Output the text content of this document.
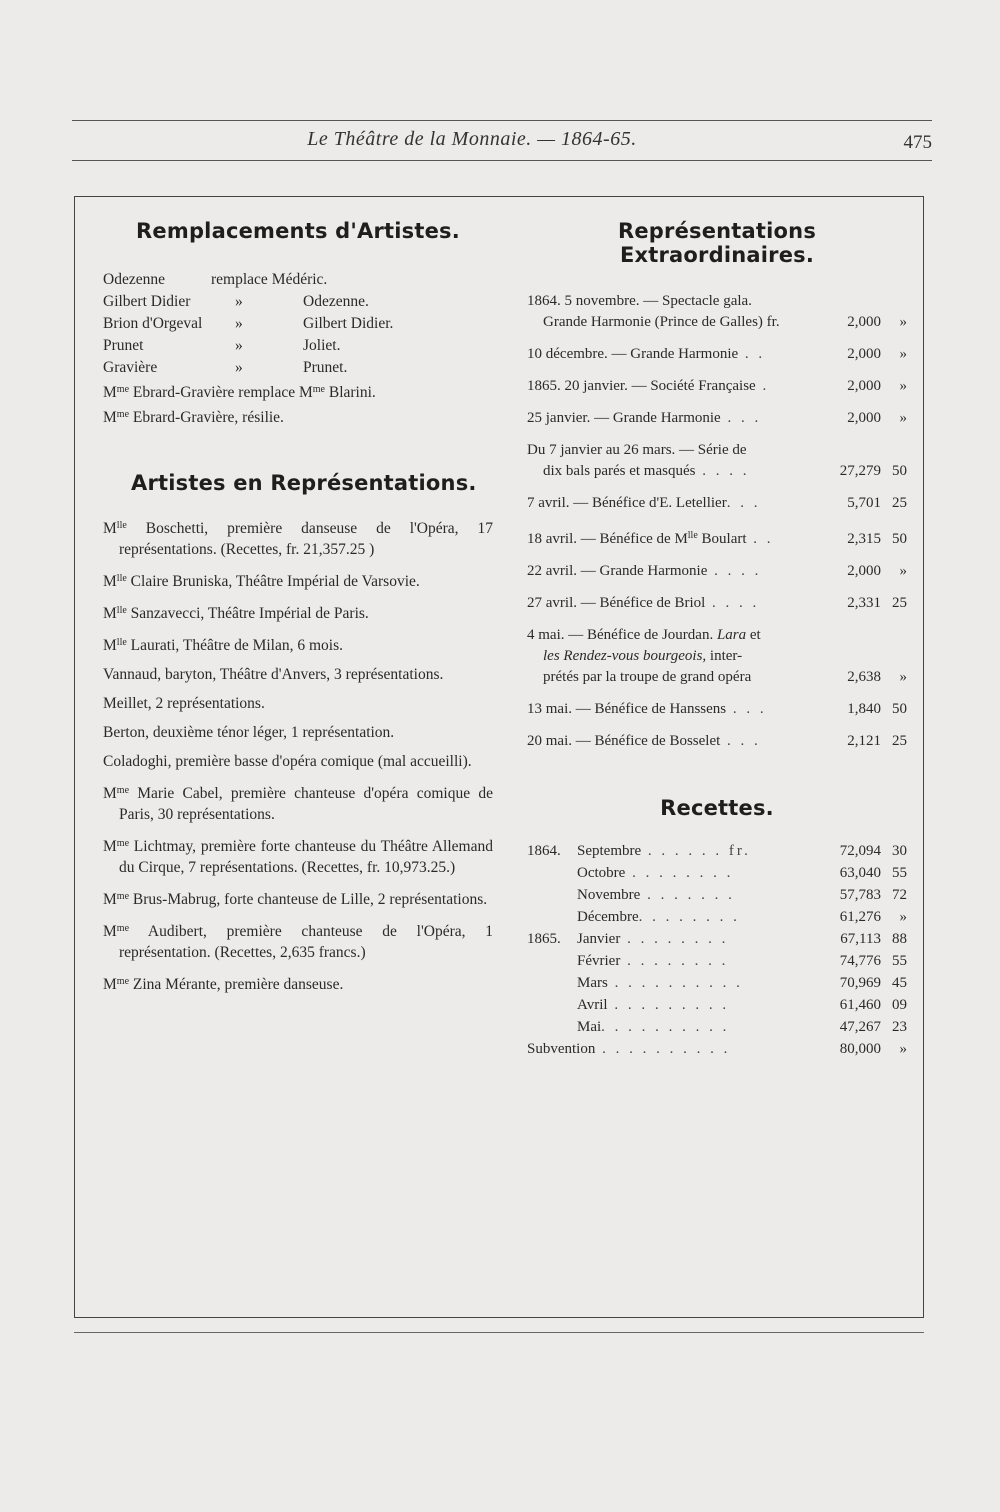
Le Théâtre de la Monnaie. — 1864-65.	475
Remplacements d'Artistes.
Odezenne	remplace Médéric.
Gilbert Didier	»	Odezenne.
Brion d'Orgeval	»	Gilbert Didier.
Prunet	»	Joliet.
Gravière	»	Prunet.
$M^{me}$ Ebrard-Gravière remplace $M^{me}$ Blarini.
$M^{me}$ Ebrard-Gravière, résilie.
Artistes en Représentations.
$M^{lle}$ Boschetti, première danseuse de l'Opéra, 17 représentations. (Recettes, fr. 21,357.25 )
$M^{lle}$ Claire Bruniska, Théâtre Impérial de Varsovie.
$M^{lle}$ Sanzavecci, Théâtre Impérial de Paris.
$M^{lle}$ Laurati, Théâtre de Milan, 6 mois.
Vannaud, baryton, Théâtre d'Anvers, 3 représentations.
Meillet, 2 représentations.
Berton, deuxième ténor léger, 1 représentation.
Coladoghi, première basse d'opéra comique (mal accueilli).
$M^{me}$ Marie Cabel, première chanteuse d'opéra comique de Paris, 30 représentations.
$M^{me}$ Lichtmay, première forte chanteuse du Théâtre Allemand du Cirque, 7 représentations. (Recettes, fr. 10,973.25.)
$M^{me}$ Brus-Mabrug, forte chanteuse de Lille, 2 représentations.
$M^{me}$ Audibert, première chanteuse de l'Opéra, 1 représentation. (Recettes, 2,635 francs.)
$M^{me}$ Zina Mérante, première danseuse.
Représentations Extraordinaires.
1864. 5 novembre. — Spectacle gala.
Grande Harmonie (Prince de Galles) fr.	2,000	»
10 décembre. — Grande Harmonie . .	2,000	»
1865. 20 janvier. — Société Française .	2,000	»
25 janvier. — Grande Harmonie . . .	2,000	»
Du 7 janvier au 26 mars. — Série de
dix bals parés et masqués . . . .	27,279 50
7 avril. — Bénéfice d'E. Letellier. . .	5,701 25
18 avril. — Bénéfice de $M^{lle}$ Boulart . .	2,315 50
22 avril. — Grande Harmonie . . . .	2,000	»
27 avril. — Bénéfice de Briol . . . .	2,331 25
4 mai. — Bénéfice de Jourdan. Lara et
les Rendez-vous bourgeois, inter-
prétés par la troupe de grand opéra	2,638	»
13 mai. — Bénéfice de Hanssens . . .	1,840 50
20 mai. — Bénéfice de Bosselet . . .	2,121 25
Recettes.
1864.	Septembre . . . . . . fr.	72,094 30
Octobre . . . . . . . .	63,040 55
Novembre . . . . . . .	57,783 72
Décembre. . . . . . . .	61,276	»
1865.	Janvier . . . . . . . .	67,113 88
Février . . . . . . . .	74,776 55
Mars . . . . . . . . . .	70,969 45
Avril . . . . . . . . .	61,460 09
Mai. . . . . . . . . .	47,267 23
Subvention . . . . . . . . . .	80,000	»
